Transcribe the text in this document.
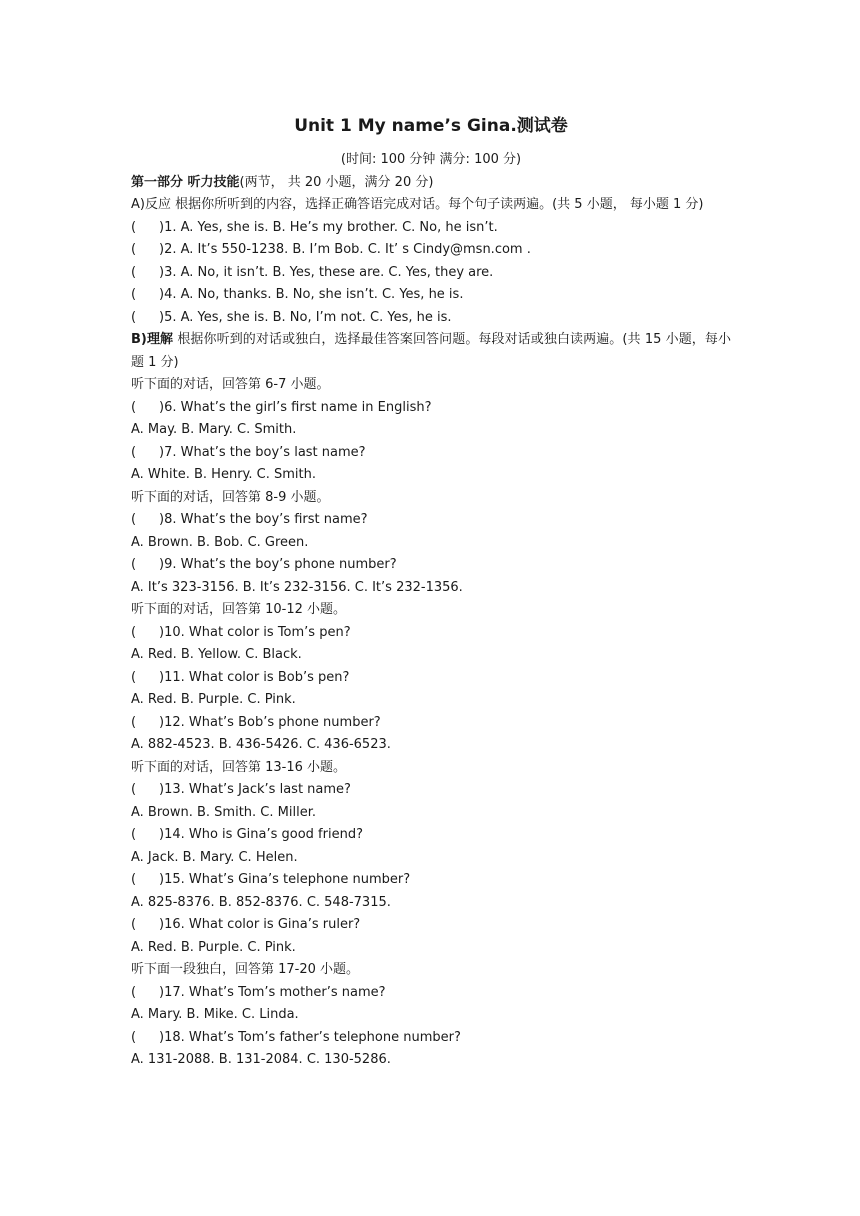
Unit 1 My name’s Gina.测试卷
(时间: 100 分钟 满分: 100 分)
第一部分 听力技能(两节， 共 20 小题，满分 20 分)
A)反应 根据你所听到的内容，选择正确答语完成对话。每个句子读两遍。(共 5 小题， 每小题 1 分)
( )1. A. Yes, she is. B. He’s my brother. C. No, he isn’t.
( )2. A. It’s 550-1238. B. I’m Bob. C. It’ s Cindy@msn.com .
( )3. A. No, it isn’t. B. Yes, these are. C. Yes, they are.
( )4. A. No, thanks. B. No, she isn’t. C. Yes, he is.
( )5. A. Yes, she is. B. No, I’m not. C. Yes, he is.
B)理解 根据你听到的对话或独白，选择最佳答案回答问题。每段对话或独白读两遍。(共 15 小题，每小题 1 分)
听下面的对话，回答第 6-7 小题。
( )6. What’s the girl’s first name in English?
A. May. B. Mary. C. Smith.
( )7. What’s the boy’s last name?
A. White. B. Henry. C. Smith.
听下面的对话，回答第 8-9 小题。
( )8. What’s the boy’s first name?
A. Brown. B. Bob. C. Green.
( )9. What’s the boy’s phone number?
A. It’s 323-3156. B. It’s 232-3156. C. It’s 232-1356.
听下面的对话，回答第 10-12 小题。
( )10. What color is Tom’s pen?
A. Red. B. Yellow. C. Black.
( )11. What color is Bob’s pen?
A. Red. B. Purple. C. Pink.
( )12. What’s Bob’s phone number?
A. 882-4523. B. 436-5426. C. 436-6523.
听下面的对话，回答第 13-16 小题。
( )13. What’s Jack’s last name?
A. Brown. B. Smith. C. Miller.
( )14. Who is Gina’s good friend?
A. Jack. B. Mary. C. Helen.
( )15. What’s Gina’s telephone number?
A. 825-8376. B. 852-8376. C. 548-7315.
( )16. What color is Gina’s ruler?
A. Red. B. Purple. C. Pink.
听下面一段独白，回答第 17-20 小题。
( )17. What’s Tom’s mother’s name?
A. Mary. B. Mike. C. Linda.
( )18. What’s Tom’s father’s telephone number?
A. 131-2088. B. 131-2084. C. 130-5286.
